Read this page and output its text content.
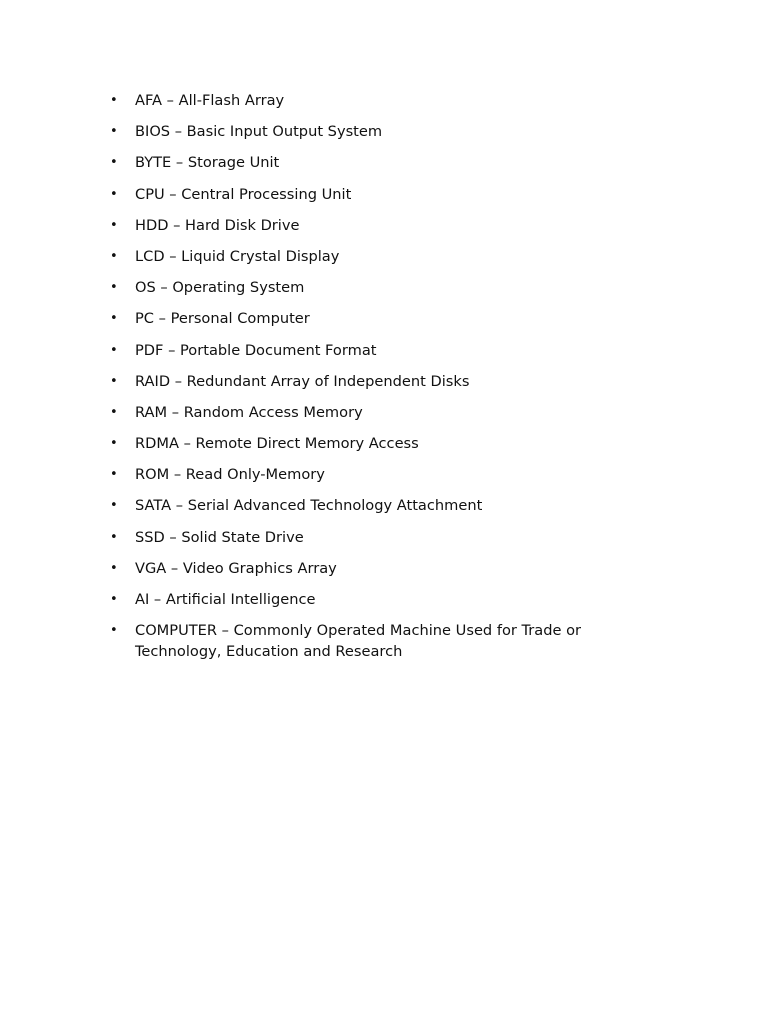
•	AFA – All-Flash Array
•	BIOS – Basic Input Output System
•	BYTE – Storage Unit
•	CPU – Central Processing Unit
•	HDD – Hard Disk Drive
•	LCD – Liquid Crystal Display
•	OS – Operating System
•	PC – Personal Computer
•	PDF – Portable Document Format
•	RAID – Redundant Array of Independent Disks
•	RAM – Random Access Memory
•	RDMA – Remote Direct Memory Access
•	ROM – Read Only-Memory
•	SATA – Serial Advanced Technology Attachment
•	SSD – Solid State Drive
•	VGA – Video Graphics Array
•	AI – Artificial Intelligence
•	COMPUTER – Commonly Operated Machine Used for Trade or Technology, Education and Research
